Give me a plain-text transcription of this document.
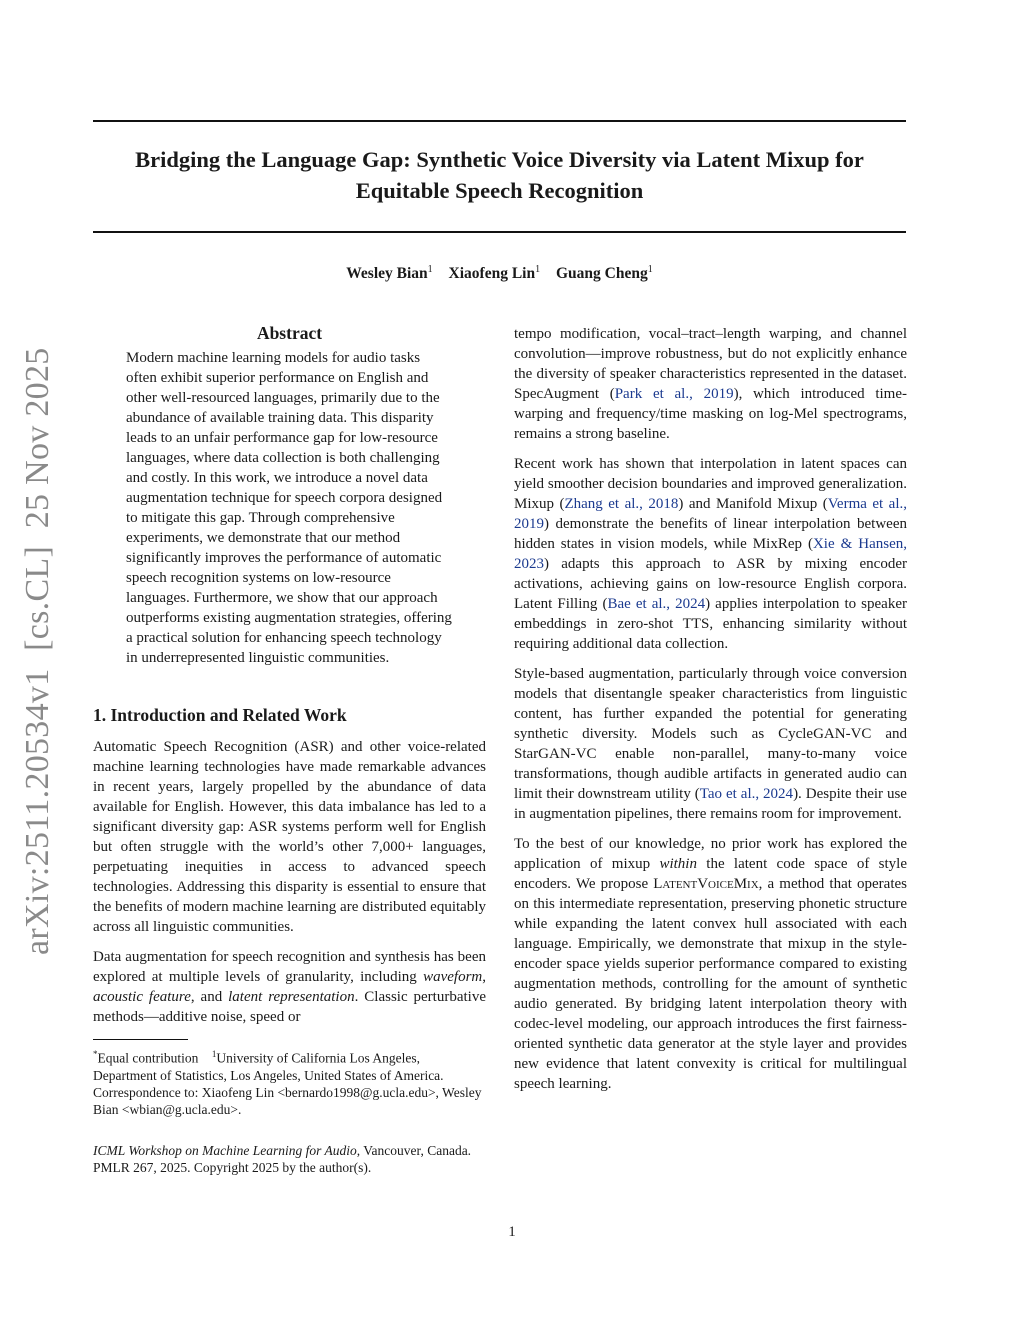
Bridging the Language Gap: Synthetic Voice Diversity via Latent Mixup for Equitable Speech Recognition
Wesley Bian$^1$ Xiaofeng Lin$^1$ Guang Cheng$^1$
arXiv:2511.20534v1  [cs.CL]  25 Nov 2025
Abstract

Modern machine learning models for audio tasks often exhibit superior performance on English and other well-resourced languages, primarily due to the abundance of available training data. This disparity leads to an unfair performance gap for low-resource languages, where data collection is both challenging and costly. In this work, we introduce a novel data augmentation technique for speech corpora designed to mitigate this gap. Through comprehensive experiments, we demonstrate that our method significantly improves the performance of automatic speech recognition systems on low-resource languages. Furthermore, we show that our approach outperforms existing augmentation strategies, offering a practical solution for enhancing speech technology in underrepresented linguistic communities.

1. Introduction and Related Work

Automatic Speech Recognition (ASR) and other voice-related machine learning technologies have made remarkable advances in recent years, largely propelled by the abundance of data available for English. However, this data imbalance has led to a significant diversity gap: ASR systems perform well for English but often struggle with the world’s other 7,000+ languages, perpetuating inequities in access to advanced speech technologies. Addressing this disparity is essential to ensure that the benefits of modern machine learning are distributed equitably across all linguistic communities.

Data augmentation for speech recognition and synthesis has been explored at multiple levels of granularity, including waveform, acoustic feature, and latent representation. Classic perturbative methods—additive noise, speed or

*Equal contribution $^1$University of California Los Angeles, Department of Statistics, Los Angeles, United States of America. Correspondence to: Xiaofeng Lin <bernardo1998@g.ucla.edu>, Wesley Bian <wbian@g.ucla.edu>.

ICML Workshop on Machine Learning for Audio, Vancouver, Canada. PMLR 267, 2025. Copyright 2025 by the author(s).

tempo modification, vocal–tract–length warping, and channel convolution—improve robustness, but do not explicitly enhance the diversity of speaker characteristics represented in the dataset. SpecAugment (Park et al., 2019), which introduced time-warping and frequency/time masking on log-Mel spectrograms, remains a strong baseline.

Recent work has shown that interpolation in latent spaces can yield smoother decision boundaries and improved generalization. Mixup (Zhang et al., 2018) and Manifold Mixup (Verma et al., 2019) demonstrate the benefits of linear interpolation between hidden states in vision models, while MixRep (Xie & Hansen, 2023) adapts this approach to ASR by mixing encoder activations, achieving gains on low-resource English corpora. Latent Filling (Bae et al., 2024) applies interpolation to speaker embeddings in zero-shot TTS, enhancing similarity without requiring additional data collection.

Style-based augmentation, particularly through voice conversion models that disentangle speaker characteristics from linguistic content, has further expanded the potential for generating synthetic diversity. Models such as CycleGAN-VC and StarGAN-VC enable non-parallel, many-to-many voice transformations, though audible artifacts in generated audio can limit their downstream utility (Tao et al., 2024). Despite their use in augmentation pipelines, there remains room for improvement.

To the best of our knowledge, no prior work has explored the application of mixup within the latent code space of style encoders. We propose LatentVoiceMix, a method that operates on this intermediate representation, preserving phonetic structure while expanding the latent convex hull associated with each language. Empirically, we demonstrate that mixup in the style-encoder space yields superior performance compared to existing augmentation methods, controlling for the amount of synthetic audio generated. By bridging latent interpolation theory with codec-level modeling, our approach introduces the first fairness-oriented synthetic data generator at the style layer and provides new evidence that latent convexity is critical for multilingual speech learning.

1
